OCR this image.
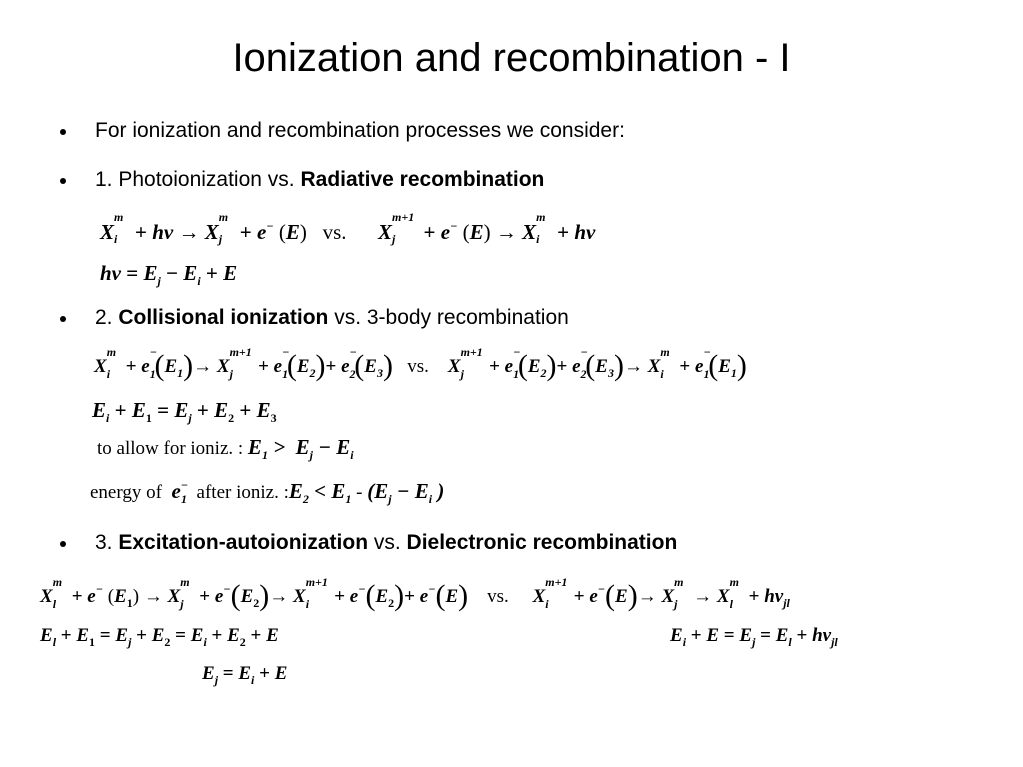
Ionization and recombination - I
For ionization and recombination processes we consider:
1. Photoionization vs. Radiative recombination
X
m
i + hν → X
m
j + e− (E) vs.      X
m+1
j + e− (E) → X
m
i + hν
$h\nu = E_j - E_i + E$
2. Collisional ionization vs. 3-body recombination
X
m
i + e
−
1
$(E_1)\to X$
m+1
j + e
−
1
$(E_2)+ e$
−
2
$(E_3)$ vs.    X
m+1
j + e
−
1
$(E_2)+ e$
−
2
$(E_3)\to X$
m
i + e
−
1
$(E_1)$
$E_i + E_1 = E_j + E_2 + E_3$
to allow for ioniz. : $E_1 > E_j - E_i$
energy of $e^-_1$ after ioniz. $:E_2 < E_1 - (E_j - E_i$ )
3. Excitation-autoionization vs. Dielectronic recombination
X
m
l + e− $(E_1) \to X$
m
$j + e^-(E_2)\to X$
m+1
$i + e^-(E_2)+ e^-(E)$ vs.     X
m+1
i + e−(E)→ X
m
j → X
m
$l + h\nu_{jl}$
$E_l + E_1 = E_j + E_2 = E_i + E_2 + E$	$E_i + E = E_j = E_l + h\nu_{jl}$
$E_j = E_i + E$
